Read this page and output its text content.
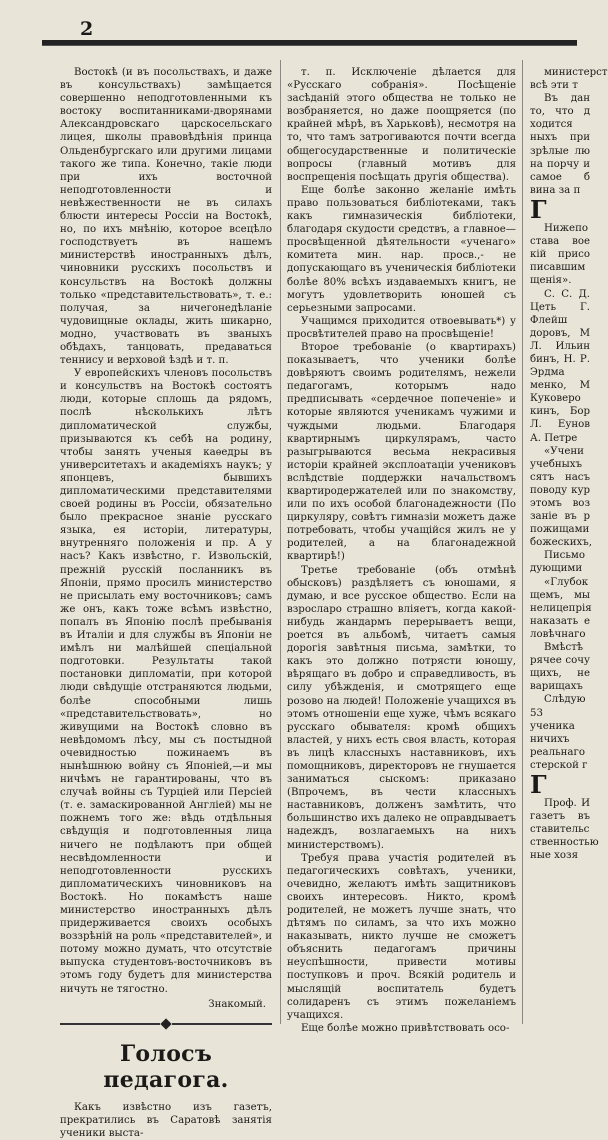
2

Востокѣ (и въ посольствахъ, и даже въ консульствахъ) замѣщается совершенно неподготовленными къ востоку воспитанниками-дворянами Александровскаго царскосельскаго лицея, школы правовѣдѣнія принца Ольденбургскаго или другими лицами такого же типа. Конечно, такіе люди при ихъ восточной неподготовленности и невѣжественности не въ силахъ блюсти интересы Россіи на Востокѣ, но, по ихъ мнѣнію, которое всецѣло господствуетъ въ нашемъ министерствѣ иностранныхъ дѣлъ, чиновники русскихъ посольствъ и консульствъ на Востокѣ должны только «представительствовать», т. е.: получая, за ничегонедѣланіе чудовищные оклады, жить шикарно, модно, участвовать въ званыхъ обѣдахъ, танцовать, предаваться теннису и верховой ѣздѣ и т. п.

У европейскихъ членовъ посольствъ и консульствъ на Востокѣ состоятъ люди, которые сплошь да рядомъ, послѣ нѣсколькихъ лѣтъ дипломатической службы, призываются къ себѣ на родину, чтобы занять ученыя каѳедры въ университетахъ и академіяхъ наукъ; у японцевъ, бывшихъ дипломатическими представителями своей родины въ Россіи, обязательно было прекрасное знаніе русскаго языка, ея исторіи, литературы, внутренняго положенія и пр. А у насъ? Какъ извѣстно, г. Извольскій, прежній русскій посланникъ въ Японіи, прямо просилъ министерство не присылать ему восточниковъ; самъ же онъ, какъ тоже всѣмъ извѣстно, попалъ въ Японію послѣ пребыванія въ Италіи и для службы въ Японіи не имѣлъ ни малѣйшей спеціальной подготовки. Результаты такой постановки дипломатіи, при которой люди свѣдущіе отстраняются людьми, болѣе способными лишь «представительствовать», но живущими на Востокѣ словно въ невѣдомомъ лѣсу, мы съ постыдной очевидностью пожинаемъ въ нынѣшнюю войну съ Японіей,—и мы ничѣмъ не гарантированы, что въ случаѣ войны съ Турціей или Персіей (т. е. замаскированной Англіей) мы не пожнемъ того же: вѣдь отдѣльныя свѣдущія и подготовленныя лица ничего не подѣлаютъ при общей несвѣдомленности и неподготовленности русскихъ дипломатическихъ чиновниковъ на Востокѣ. Но покамѣстъ наше министерство иностранныхъ дѣлъ придерживается своихъ особыхъ воззрѣній на роль «представителей», и потому можно думать, что отсутствіе выпуска студентовъ-восточниковъ въ этомъ году будетъ для министерства ничуть не тягостно.

Знакомый.

Голосъ педагога.

Какъ извѣстно изъ газетъ, прекратились въ Саратовѣ занятія ученики выста-

т. п. Исключеніе дѣлается для «Русскаго собранія». Посѣщеніе засѣданій этого общества не только не возбраняется, но даже поощряется (по крайней мѣрѣ, въ Харьковѣ), несмотря на то, что тамъ затрогиваются почти всегда общегосударственные и политическіе вопросы (главный мотивъ для воспрещенія посѣщать другія общества).

Еще болѣе законно желаніе имѣть право пользоваться библіотеками, такъ какъ гимназическія библіотеки, благодаря скудости средствъ, а главное—просвѣщенной дѣятельности «ученаго» комитета мин. нар. просв.,- не допускающаго въ ученическія библіотеки болѣе 80% всѣхъ издаваемыхъ книгъ, не могутъ удовлетворить юношей съ серьезными запросами.

Учащимся приходится отвоевывать*) у просвѣтителей право на просвѣщеніе!

Второе требованіе (о квартирахъ) показываетъ, что ученики болѣе довѣряютъ своимъ родителямъ, нежели педагогамъ, которымъ надо предписывать «сердечное попеченіе» и которые являются ученикамъ чужими и чуждыми людьми. Благодаря квартирнымъ циркулярамъ, часто разыгрываются весьма некрасивыя исторіи крайней эксплоатаціи учениковъ вслѣдствіе поддержки начальствомъ квартиродержателей или по знакомству, или по ихъ особой благонадежности (По циркуляру, совѣтъ гимназіи можетъ даже потребовать, чтобы учащійся жилъ не у родителей, а на благонадежной квартирѣ!)

Третье требованіе (объ отмѣнѣ обысковъ) раздѣляетъ съ юношами, я думаю, и все русское общество. Если на взросларо страшно вліяетъ, когда какой-нибудь жандармъ перерываетъ вещи, роется въ альбомѣ, читаетъ самыя дорогія завѣтныя письма, замѣтки, то какъ это должно потрясти юношу, вѣрящаго въ добро и справедливость, въ силу убѣжденія, и смотрящего еще розово на людей! Положеніе учащихся въ этомъ отношеніи еще хуже, чѣмъ всякаго русскаго обывателя: кромѣ общихъ властей, у нихъ есть своя власть, которая въ лицѣ классныхъ наставниковъ, ихъ помощниковъ, директоровъ не гнушается заниматься сыскомъ: приказано (Впрочемъ, въ чести классныхъ наставниковъ, долженъ замѣтить, что большинство ихъ далеко не оправдываетъ надеждъ, возлагаемыхъ на нихъ министерствомъ).

Требуя права участія родителей въ педагогическихъ совѣтахъ, ученики, очевидно, желаютъ имѣть защитниковъ своихъ интересовъ. Никто, кромѣ родителей, не можетъ лучше знать, что дѣтямъ по силамъ, за что ихъ можно наказывать, никто лучше не сможетъ объяснить педагогамъ причины неуспѣшности, привести мотивы поступковъ и проч. Всякій родитель и мыслящій воспитатель будетъ солидаренъ съ этимъ пожеланіемъ учащихся.

Еще болѣе можно привѣтствовать осо-

министерст всѣ эти т

Въ дан то, что д ходится ныхъ при зрѣлые лю на порчу и самое б вина за п

Г

Нижепо става вое кій присо писавшим щенія».

С. С. Д. Цеть Г. Флейш доровъ, М Л. Ильин бинъ, Н. Р. Эрдма менко, М Куковеро кинъ, Бор Л. Еунов А. Петре

«Учени учебныхъ сятъ насъ поводу кур этомъ воз заніе въ р пожищами божескихъ,

Письмо дующими

«Глубок щемъ, мы нелицепрія наказать е ловѣчнаго

Вмѣстѣ рячее сочу щихъ, не варищахъ

Слѣдую 53 ученика ничихъ реальнаго стерской г

Г

Проф. И газетъ въ ставительс ственностью ные хозя
